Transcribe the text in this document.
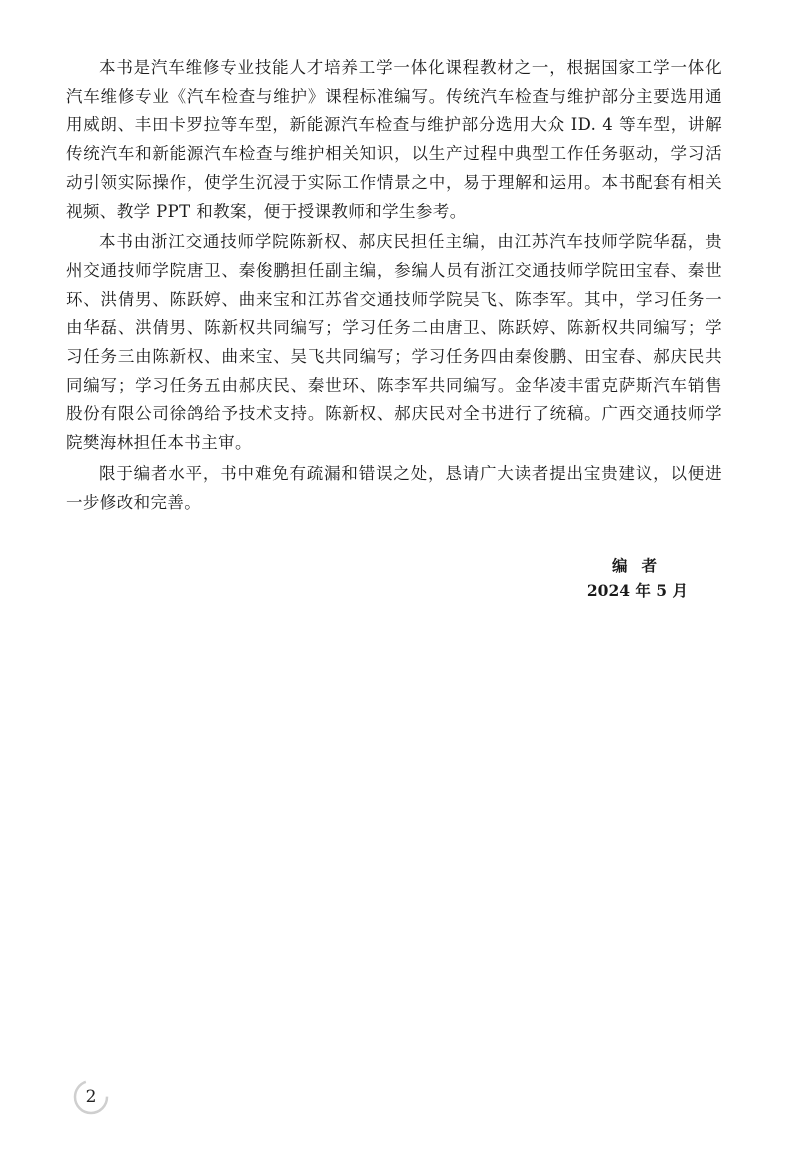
本书是汽车维修专业技能人才培养工学一体化课程教材之一，根据国家工学一体化汽车维修专业《汽车检查与维护》课程标准编写。传统汽车检查与维护部分主要选用通用威朗、丰田卡罗拉等车型，新能源汽车检查与维护部分选用大众 ID. 4 等车型，讲解传统汽车和新能源汽车检查与维护相关知识，以生产过程中典型工作任务驱动，学习活动引领实际操作，使学生沉浸于实际工作情景之中，易于理解和运用。本书配套有相关视频、教学 PPT 和教案，便于授课教师和学生参考。

本书由浙江交通技师学院陈新权、郝庆民担任主编，由江苏汽车技师学院华磊，贵州交通技师学院唐卫、秦俊鹏担任副主编，参编人员有浙江交通技师学院田宝春、秦世环、洪倩男、陈跃婷、曲来宝和江苏省交通技师学院吴飞、陈李军。其中，学习任务一由华磊、洪倩男、陈新权共同编写；学习任务二由唐卫、陈跃婷、陈新权共同编写；学习任务三由陈新权、曲来宝、吴飞共同编写；学习任务四由秦俊鹏、田宝春、郝庆民共同编写；学习任务五由郝庆民、秦世环、陈李军共同编写。金华凌丰雷克萨斯汽车销售股份有限公司徐鸽给予技术支持。陈新权、郝庆民对全书进行了统稿。广西交通技师学院樊海林担任本书主审。

限于编者水平，书中难免有疏漏和错误之处，恳请广大读者提出宝贵建议，以便进一步修改和完善。

编者
2024 年 5 月
2
